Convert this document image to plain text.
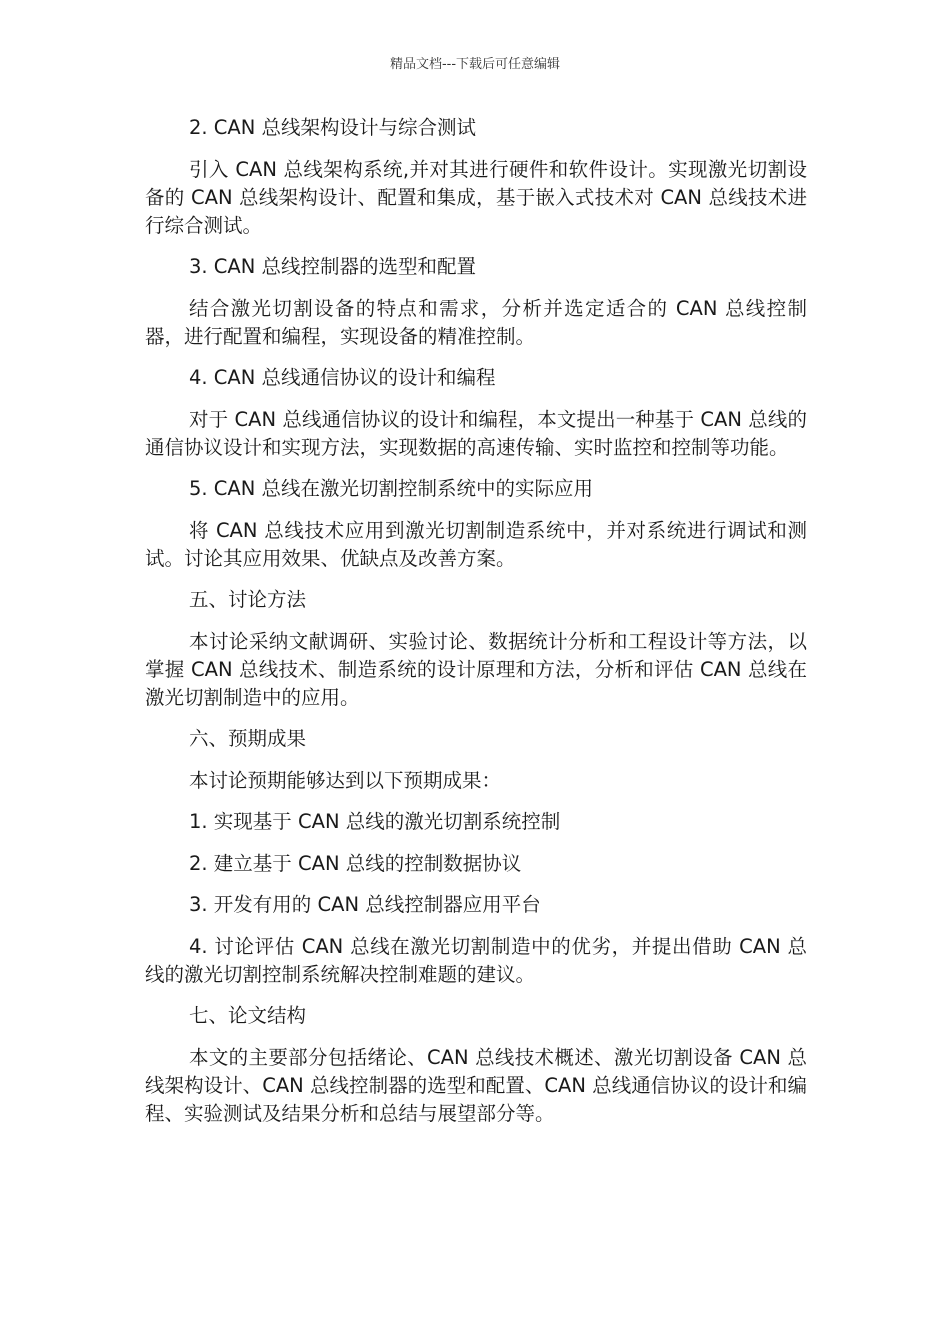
精品文档---下载后可任意编辑

2. CAN 总线架构设计与综合测试

引入 CAN 总线架构系统,并对其进行硬件和软件设计。实现激光切割设备的 CAN 总线架构设计、配置和集成，基于嵌入式技术对 CAN 总线技术进行综合测试。

3. CAN 总线控制器的选型和配置

结合激光切割设备的特点和需求，分析并选定适合的 CAN 总线控制器，进行配置和编程，实现设备的精准控制。

4. CAN 总线通信协议的设计和编程

对于 CAN 总线通信协议的设计和编程，本文提出一种基于 CAN 总线的通信协议设计和实现方法，实现数据的高速传输、实时监控和控制等功能。

5. CAN 总线在激光切割控制系统中的实际应用

将 CAN 总线技术应用到激光切割制造系统中，并对系统进行调试和测试。讨论其应用效果、优缺点及改善方案。

五、讨论方法

本讨论采纳文献调研、实验讨论、数据统计分析和工程设计等方法，以掌握 CAN 总线技术、制造系统的设计原理和方法，分析和评估 CAN 总线在激光切割制造中的应用。

六、预期成果

本讨论预期能够达到以下预期成果：

1. 实现基于 CAN 总线的激光切割系统控制

2. 建立基于 CAN 总线的控制数据协议

3. 开发有用的 CAN 总线控制器应用平台

4. 讨论评估 CAN 总线在激光切割制造中的优劣，并提出借助 CAN 总线的激光切割控制系统解决控制难题的建议。

七、论文结构

本文的主要部分包括绪论、CAN 总线技术概述、激光切割设备 CAN 总线架构设计、CAN 总线控制器的选型和配置、CAN 总线通信协议的设计和编程、实验测试及结果分析和总结与展望部分等。
